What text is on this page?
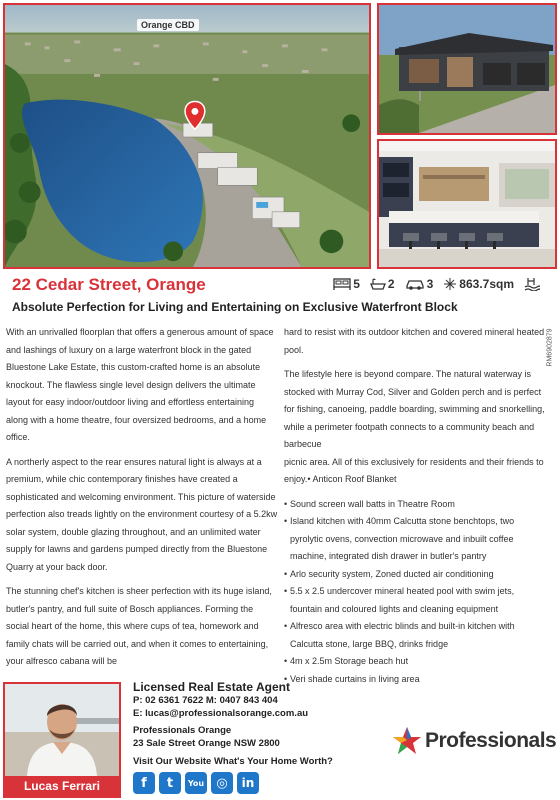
Orange CBD
22 Cedar Street, Orange	5 2	3 863.7sqm
Absolute Perfection for Living and Entertaining on Exclusive Waterfront Block
RM6902879

With an unrivalled floorplan that offers a generous amount of space and lashings of luxury on a large waterfront block in the gated Bluestone Lake Estate, this custom-crafted home is an absolute knockout. The flawless single level design delivers the ultimate layout for easy indoor/outdoor living and effortless entertaining along with a home theatre, four oversized bedrooms, and a home office.

A northerly aspect to the rear ensures natural light is always at a premium, while chic contemporary finishes have created a sophisticated and welcoming environment. This picture of waterside perfection also treads lightly on the environment courtesy of a 5.2kw solar system, double glazing throughout, and an unlimited water supply for lawns and gardens pumped directly from the Bluestone Quarry at your back door.

The stunning chef's kitchen is sheer perfection with its huge island, butler's pantry, and full suite of Bosch appliances. Forming the social heart of the home, this where cups of tea, homework and family chats will be carried out, and when it comes to entertaining, your alfresco cabana will be

hard to resist with its outdoor kitchen and covered mineral heated pool.

The lifestyle here is beyond compare. The natural waterway is stocked with Murray Cod, Silver and Golden perch and is perfect for fishing, canoeing, paddle boarding, swimming and snorkelling, while a perimeter footpath connects to a community beach and barbecue

picnic area. All of this exclusively for residents and their friends to enjoy.• Anticon Roof Blanket

• Sound screen wall batts in Theatre Room
• Island kitchen with 40mm Calcutta stone benchtops, two pyrolytic ovens, convection microwave and inbuilt coffee machine, integrated dish drawer in butler's pantry
• Arlo security system, Zoned ducted air conditioning
• 5.5 x 2.5 undercover mineral heated pool with swim jets, fountain and coloured lights and cleaning equipment
• Alfresco area with electric blinds and built-in kitchen with Calcutta stone, large BBQ, drinks fridge
• 4m x 2.5m Storage beach hut
• Veri shade curtains in living area
Lucas Ferrari
Licensed Real Estate Agent
P: 02 6361 7622 M: 0407 843 404
E: lucas@professionalsorange.com.au
Professionals Orange
23 Sale Street Orange NSW 2800
Visit Our Website What's Your Home Worth?
f	t	You ◎	in
Professionals
